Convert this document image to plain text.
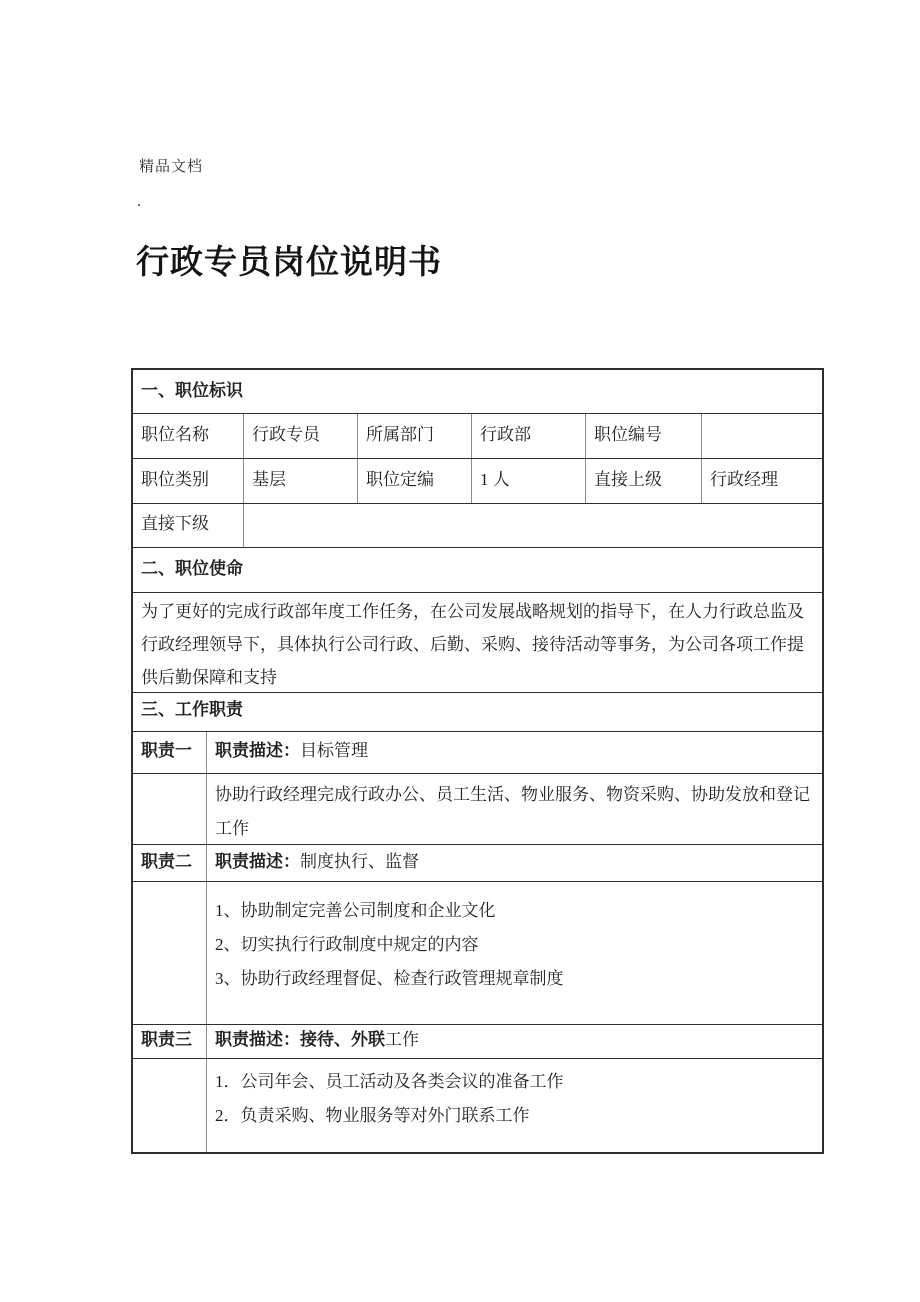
精品文档
.
行政专员岗位说明书
一、职位标识
职位名称	行政专员	所属部门	行政部	职位编号
职位类别	基层	职位定编	1 人	直接上级	行政经理
直接下级
二、职位使命
为了更好的完成行政部年度工作任务，在公司发展战略规划的指导下，在人力行政总监及行政经理领导下，具体执行公司行政、后勤、采购、接待活动等事务，为公司各项工作提供后勤保障和支持
三、工作职责
职责一	职责描述：目标管理
协助行政经理完成行政办公、员工生活、物业服务、物资采购、协助发放和登记工作
职责二	职责描述：制度执行、监督

1、协助制定完善公司制度和企业文化

2、切实执行行政制度中规定的内容

3、协助行政经理督促、检查行政管理规章制度

职责三	职责描述：接待、外联工作

1．公司年会、员工活动及各类会议的准备工作

2．负责采购、物业服务等对外门联系工作
